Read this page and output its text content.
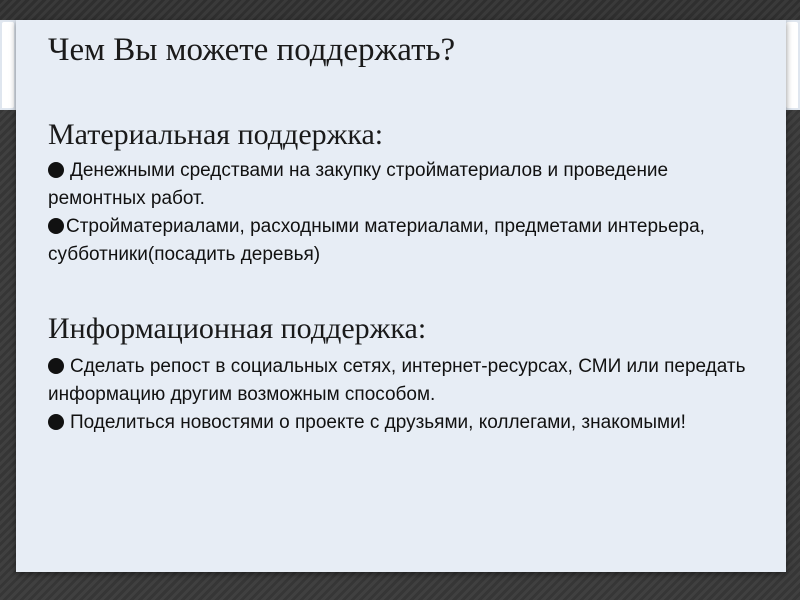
Чем Вы можете поддержать?
Материальная поддержка:

Денежными средствами на закупку стройматериалов и проведение ремонтных работ.

Стройматериалами, расходными материалами, предметами интерьера, субботники(посадить деревья)

Информационная поддержка:

Сделать репост в социальных сетях, интернет-ресурсах, СМИ или передать информацию другим возможным способом.

Поделиться новостями о проекте с друзьями, коллегами, знакомыми!
